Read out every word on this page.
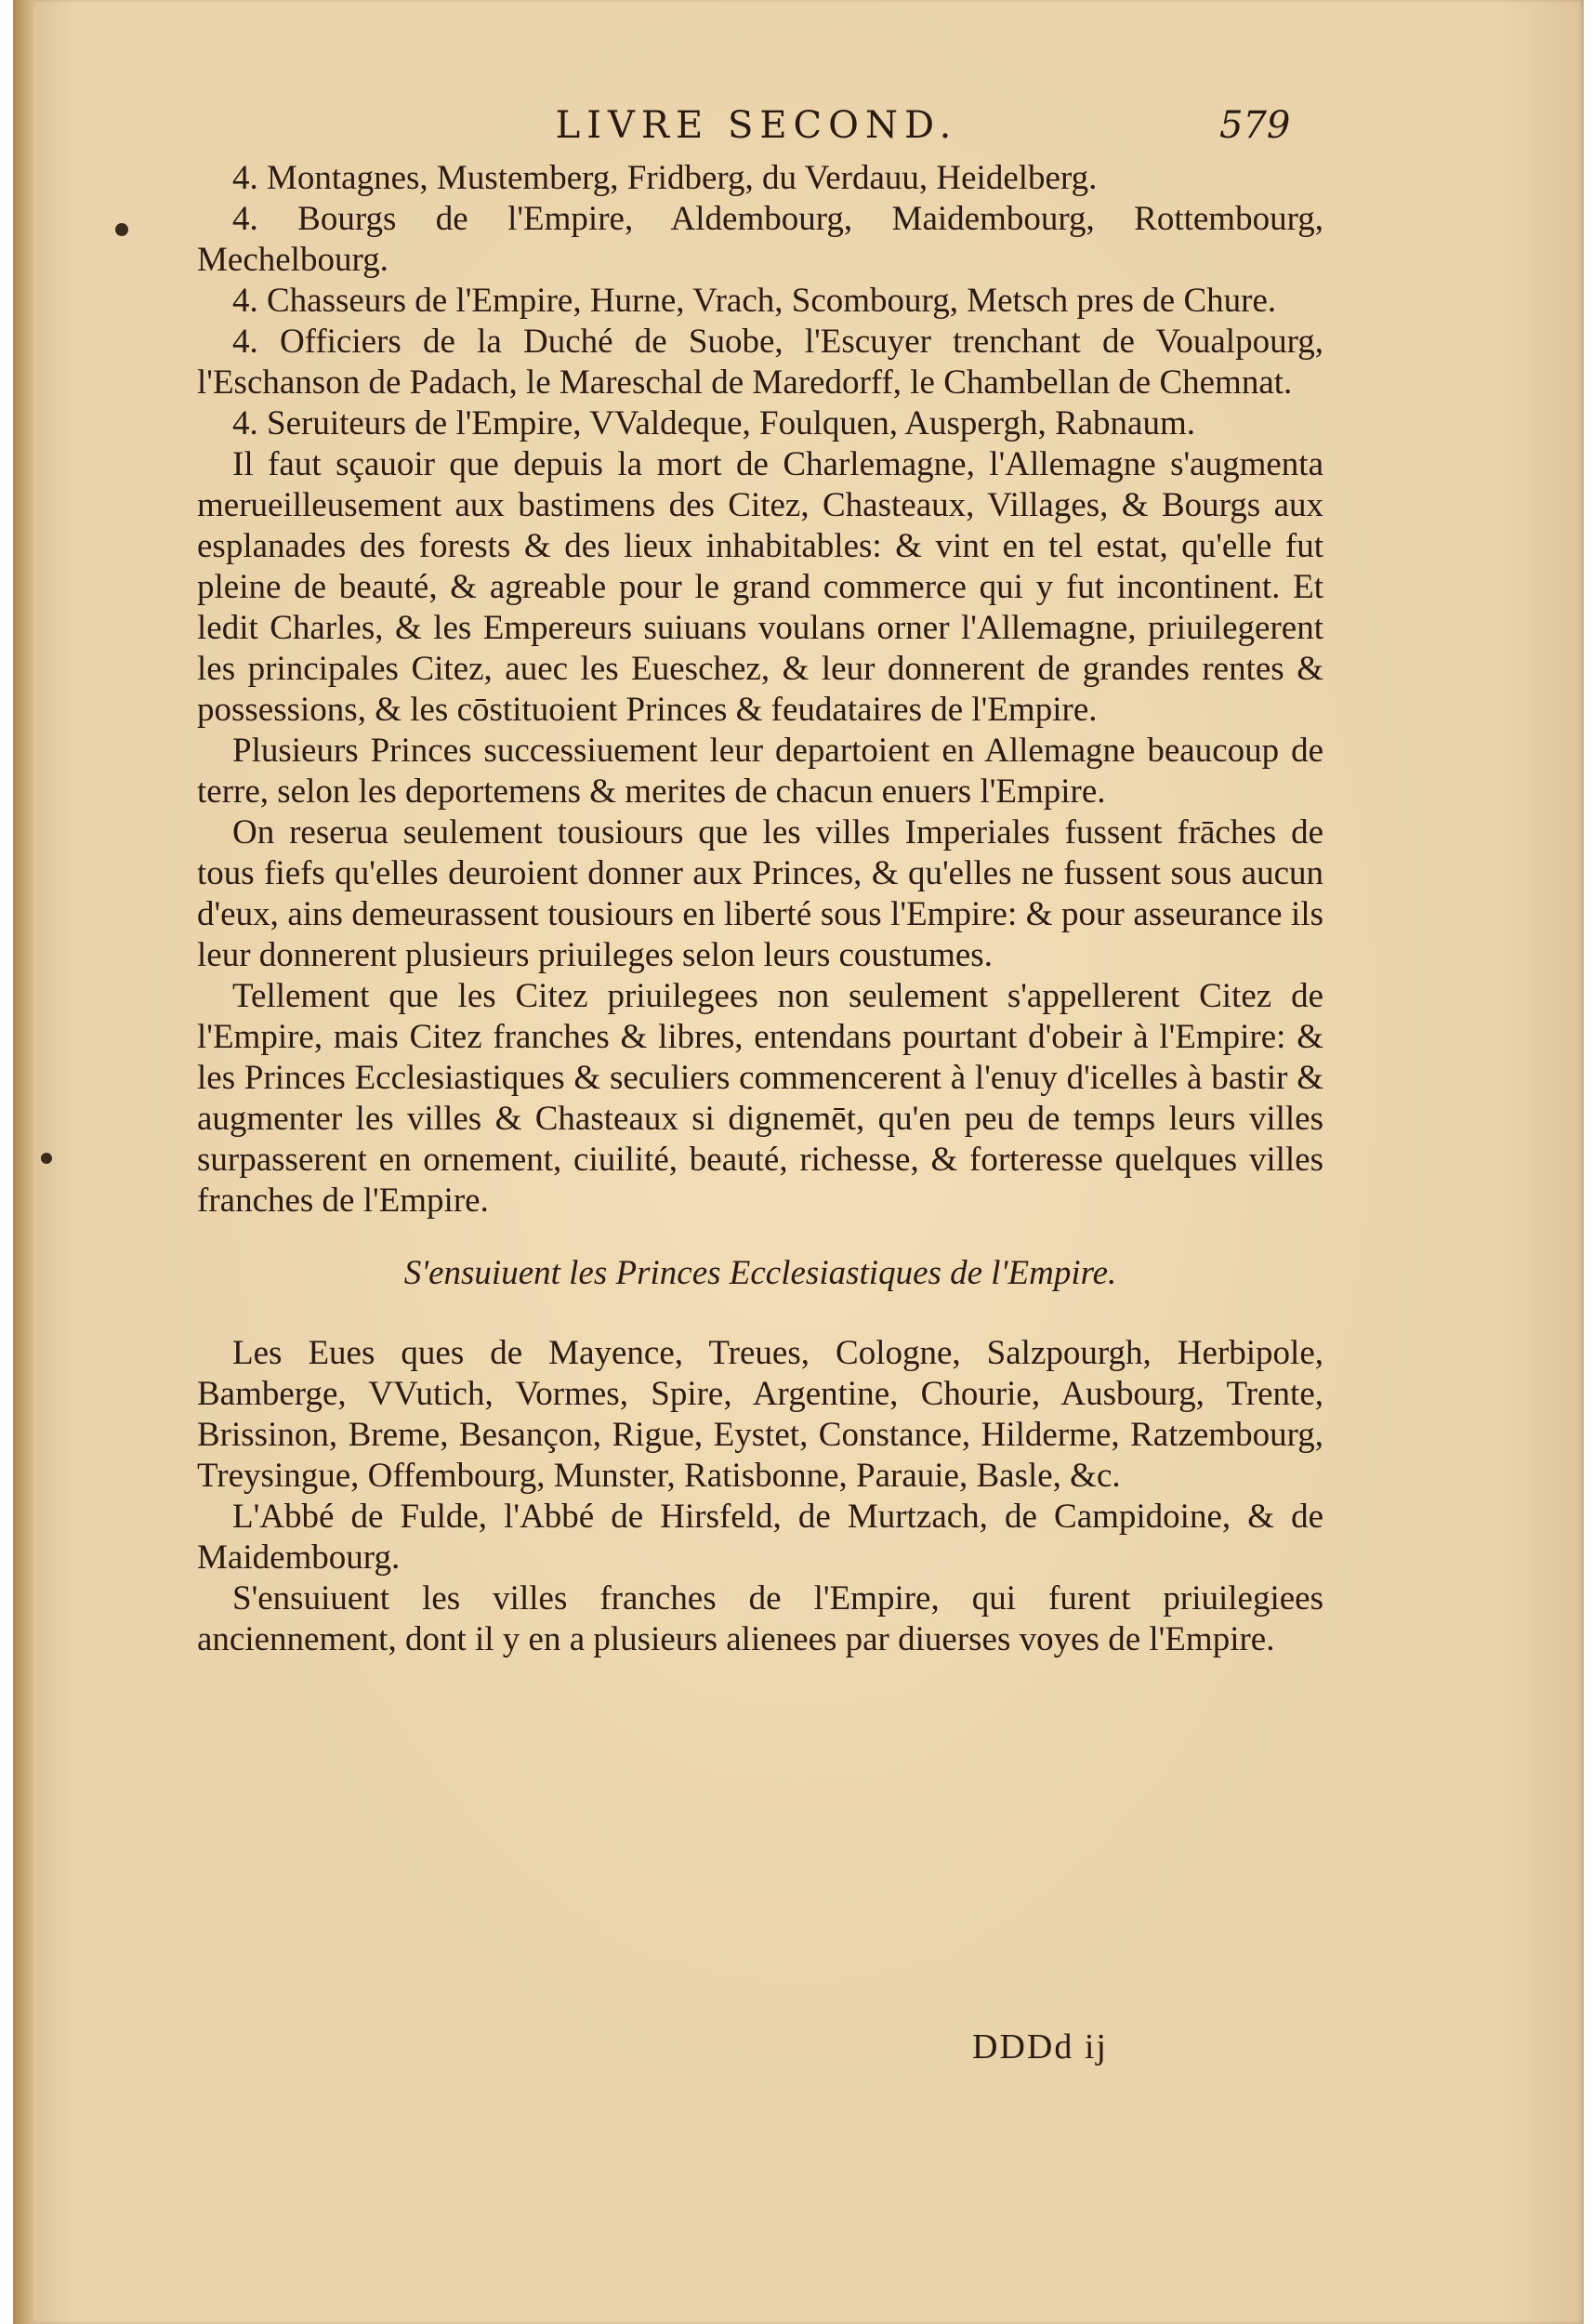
LIVRE SECOND.	579

4. Montagnes, Mustemberg, Fridberg, du Verdauu, Heidelberg.

4. Bourgs de l'Empire, Aldembourg, Maidembourg, Rottembourg, Mechelbourg.

4. Chasseurs de l'Empire, Hurne, Vrach, Scombourg, Metsch pres de Chure.

4. Officiers de la Duché de Suobe, l'Escuyer trenchant de Voualpourg, l'Eschanson de Padach, le Mareschal de Maredorff, le Chambellan de Chemnat.

4. Seruiteurs de l'Empire, VValdeque, Foulquen, Auspergh, Rabnaum.

Il faut sçauoir que depuis la mort de Charlemagne, l'Allemagne s'augmenta merueilleusement aux bastimens des Citez, Chasteaux, Villages, & Bourgs aux esplanades des forests & des lieux inhabitables: & vint en tel estat, qu'elle fut pleine de beauté, & agreable pour le grand commerce qui y fut incontinent. Et ledit Charles, & les Empereurs suiuans voulans orner l'Allemagne, priuilegerent les principales Citez, auec les Eueschez, & leur donnerent de grandes rentes & possessions, & les cōstituoient Princes & feudataires de l'Empire.

Plusieurs Princes successiuement leur departoient en Allemagne beaucoup de terre, selon les deportemens & merites de chacun enuers l'Empire.

On reserua seulement tousiours que les villes Imperiales fussent frāches de tous fiefs qu'elles deuroient donner aux Princes, & qu'elles ne fussent sous aucun d'eux, ains demeurassent tousiours en liberté sous l'Empire: & pour asseurance ils leur donnerent plusieurs priuileges selon leurs coustumes.

Tellement que les Citez priuilegees non seulement s'appellerent Citez de l'Empire, mais Citez franches & libres, entendans pourtant d'obeir à l'Empire: & les Princes Ecclesiastiques & seculiers commencerent à l'enuy d'icelles à bastir & augmenter les villes & Chasteaux si dignemēt, qu'en peu de temps leurs villes surpasserent en ornement, ciuilité, beauté, richesse, & forteresse quelques villes franches de l'Empire.

S'ensuiuent les Princes Ecclesiastiques de l'Empire.

Les Eues ques de Mayence, Treues, Cologne, Salzpourgh, Herbipole, Bamberge, VVutich, Vormes, Spire, Argentine, Chourie, Ausbourg, Trente, Brissinon, Breme, Besançon, Rigue, Eystet, Constance, Hilderme, Ratzembourg, Treysingue, Offembourg, Munster, Ratisbonne, Parauie, Basle, &c.

L'Abbé de Fulde, l'Abbé de Hirsfeld, de Murtzach, de Campidoine, & de Maidembourg.

S'ensuiuent les villes franches de l'Empire, qui furent priuilegiees anciennement, dont il y en a plusieurs alienees par diuerses voyes de l'Empire.

DDDd ij
